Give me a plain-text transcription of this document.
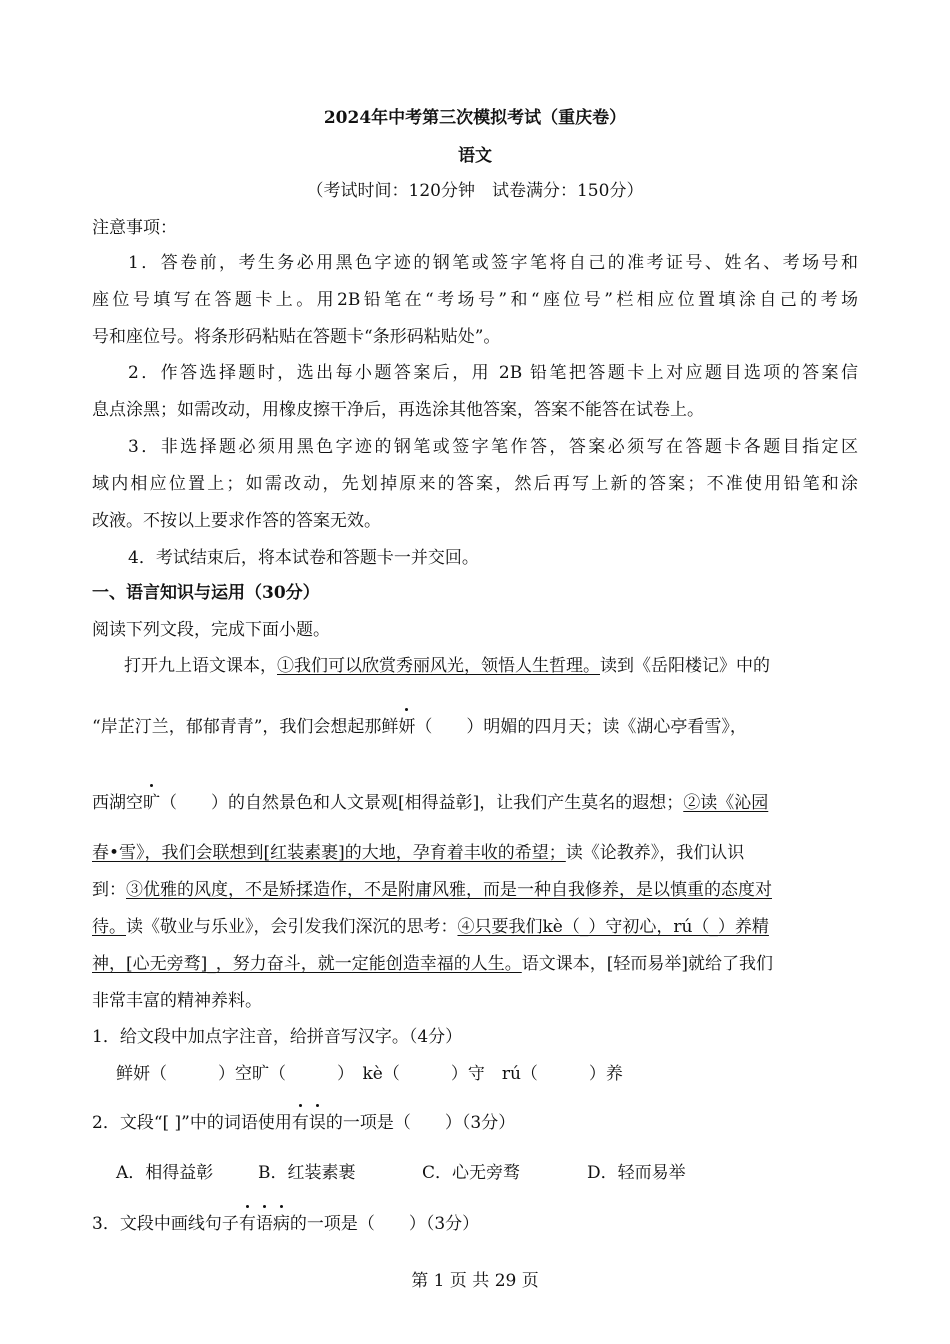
2024年中考第三次模拟考试（重庆卷）
语文
（考试时间：120分钟　试卷满分：150分）
注意事项：
1．答卷前，考生务必用黑色字迹的钢笔或签字笔将自己的准考证号、姓名、考场号和
座位号填写在答题卡上。用2B铅笔在“考场号”和“座位号”栏相应位置填涂自己的考场
号和座位号。将条形码粘贴在答题卡“条形码粘贴处”。
2．作答选择题时，选出每小题答案后，用 2B 铅笔把答题卡上对应题目选项的答案信
息点涂黑；如需改动，用橡皮擦干净后，再选涂其他答案，答案不能答在试卷上。
3．非选择题必须用黑色字迹的钢笔或签字笔作答，答案必须写在答题卡各题目指定区
域内相应位置上；如需改动，先划掉原来的答案，然后再写上新的答案；不准使用铅笔和涂
改液。不按以上要求作答的答案无效。
4．考试结束后，将本试卷和答题卡一并交回。
一、语言知识与运用（30分）
阅读下列文段，完成下面小题。
打开九上语文课本，①我们可以欣赏秀丽风光，领悟人生哲理。读到《岳阳楼记》中的
“岸芷汀兰，郁郁青青”，我们会想起那鲜妍（　　）明媚的四月天；读《湖心亭看雪》，
西湖空旷（　　）的自然景色和人文景观[相得益彰]，让我们产生莫名的遐想；②读《沁园
春•雪》，我们会联想到[红装素裹]的大地，孕育着丰收的希望；读《论教养》，我们认识
到：③优雅的风度，不是矫揉造作，不是附庸风雅，而是一种自我修养，是以慎重的态度对
待。读《敬业与乐业》，会引发我们深沉的思考：④只要我们kè（_）守初心，rú（_）养精
神，[心无旁骛]_，努力奋斗，就一定能创造幸福的人生。语文课本，[轻而易举]就给了我们
非常丰富的精神养料。
1．给文段中加点字注音，给拼音写汉字。（4分）
鲜妍（　　　）空旷（　　　）　kè（　　　）守　rú（　　　）养
2．文段“[ ]”中的词语使用有误的一项是（　　）（3分）
A．相得益彰	B．红装素裹	C．心无旁骛	D．轻而易举
3．文段中画线句子有语病的一项是（　　）（3分）
第 1 页 共 29 页
